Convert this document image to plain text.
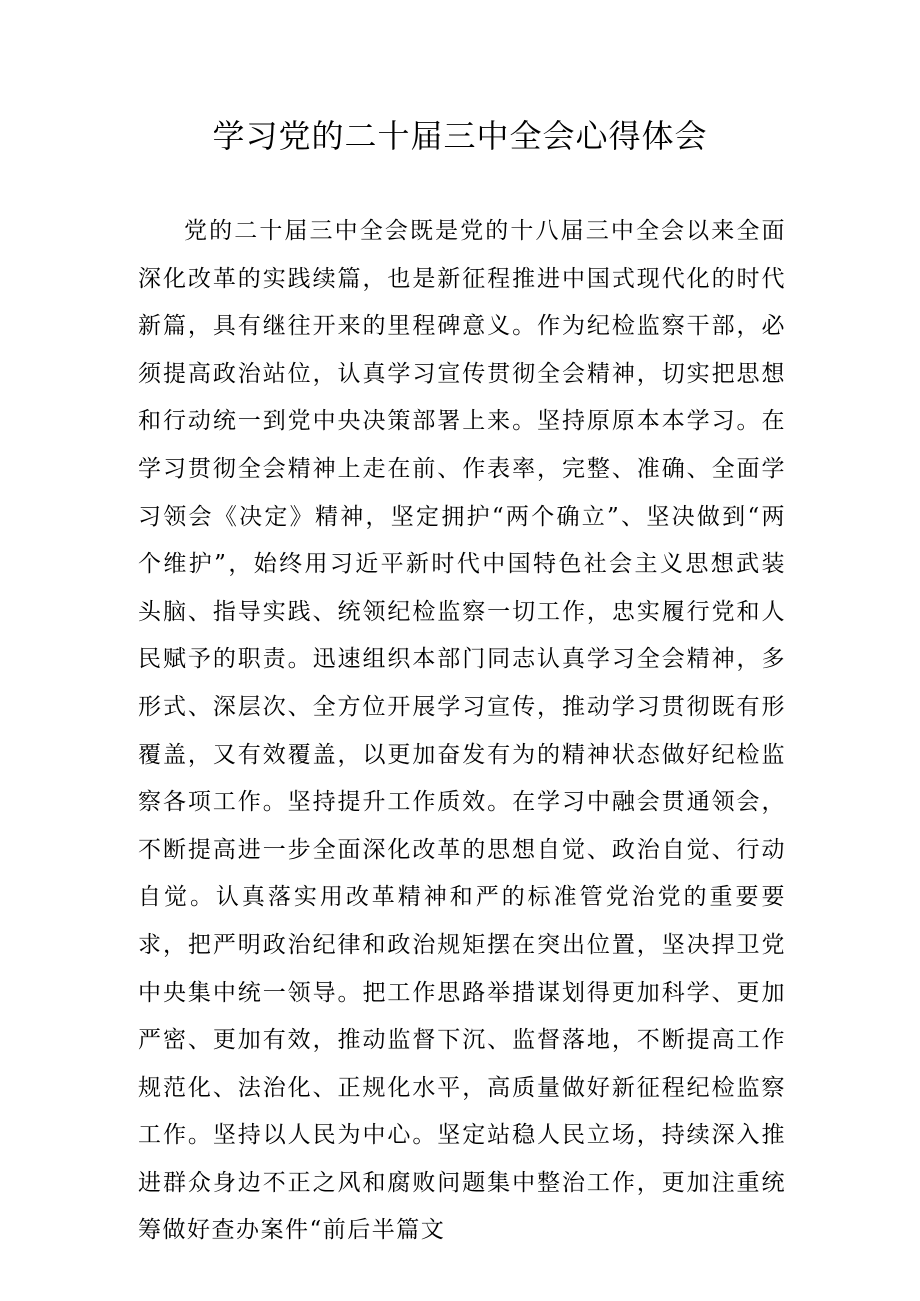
学习党的二十届三中全会心得体会

党的二十届三中全会既是党的十八届三中全会以来全面深化改革的实践续篇，也是新征程推进中国式现代化的时代新篇，具有继往开来的里程碑意义。作为纪检监察干部，必须提高政治站位，认真学习宣传贯彻全会精神，切实把思想和行动统一到党中央决策部署上来。坚持原原本本学习。在学习贯彻全会精神上走在前、作表率，完整、准确、全面学习领会《决定》精神，坚定拥护“两个确立”、坚决做到“两个维护”，始终用习近平新时代中国特色社会主义思想武装头脑、指导实践、统领纪检监察一切工作，忠实履行党和人民赋予的职责。迅速组织本部门同志认真学习全会精神，多形式、深层次、全方位开展学习宣传，推动学习贯彻既有形覆盖，又有效覆盖，以更加奋发有为的精神状态做好纪检监察各项工作。坚持提升工作质效。在学习中融会贯通领会，不断提高进一步全面深化改革的思想自觉、政治自觉、行动自觉。认真落实用改革精神和严的标准管党治党的重要要求，把严明政治纪律和政治规矩摆在突出位置，坚决捍卫党中央集中统一领导。把工作思路举措谋划得更加科学、更加严密、更加有效，推动监督下沉、监督落地，不断提高工作规范化、法治化、正规化水平，高质量做好新征程纪检监察工作。坚持以人民为中心。坚定站稳人民立场，持续深入推进群众身边不正之风和腐败问题集中整治工作，更加注重统筹做好查办案件“前后半篇文
